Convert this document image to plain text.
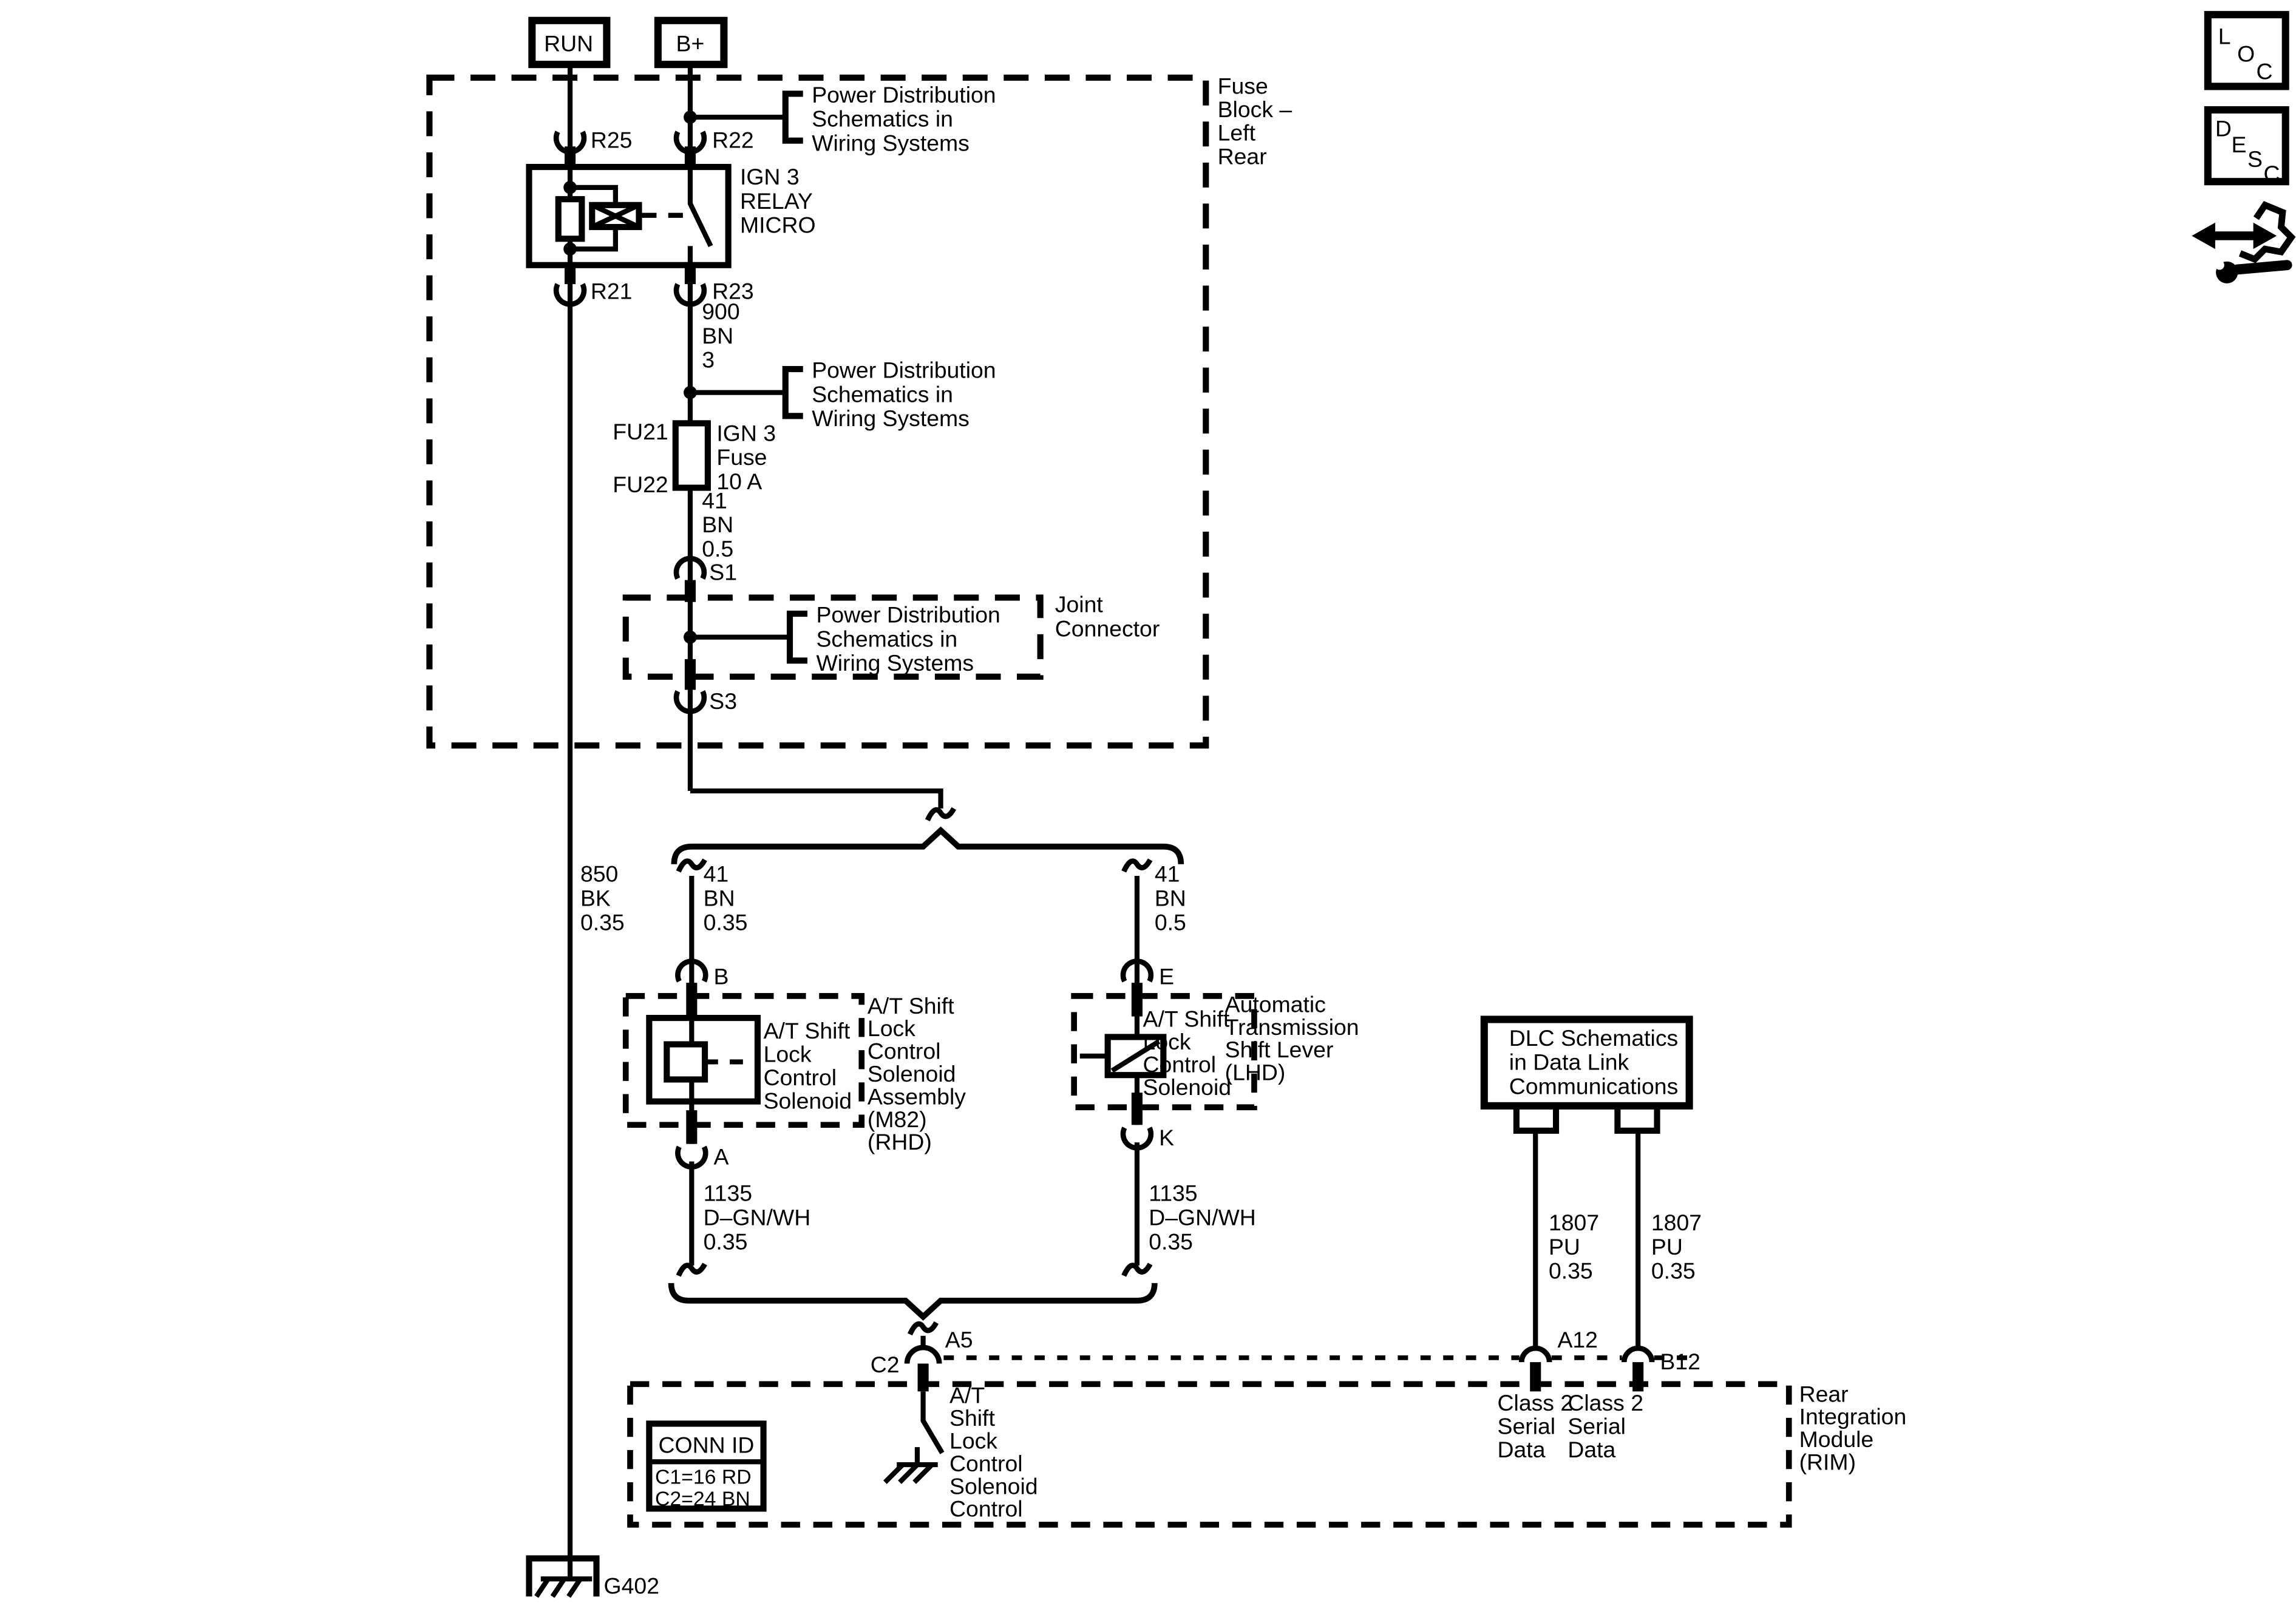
RUN	B+
Power Distribution Schematics in Wiring Systems
Power Distribution Schematics in Wiring Systems
Power Distribution Schematics in Wiring Systems
Fuse Block – Left Rear
R25	R22
R21	R23
IGN 3 RELAY MICRO
900 BN 3
FU21
FU22
IGN 3 Fuse 10 A
41 BN 0.5
S1
Joint Connector
S3
850 BK 0.35
41 BN 0.35
41 BN 0.5
B	E
A/T Shift Lock Control Solenoid
A/T Shift Lock Control Solenoid Assembly (M82) (RHD)
A/T Shift Lock Control Solenoid
Automatic Transmission Shift Lever (LHD)
A
K
1135 D–GN/WH 0.35
1135 D–GN/WH 0.35
DLC Schematics in Data Link Communications
1807 PU 0.35
1807 PU 0.35
C2
A5	A12
B12
A/T Shift Lock Control Solenoid Control
Class 2 Serial Data
Class 2 Serial Data
Rear Integration Module (RIM)
CONN ID
C1=16 RD
C2=24 BN
G402
L
O
C
D
E
S
C
